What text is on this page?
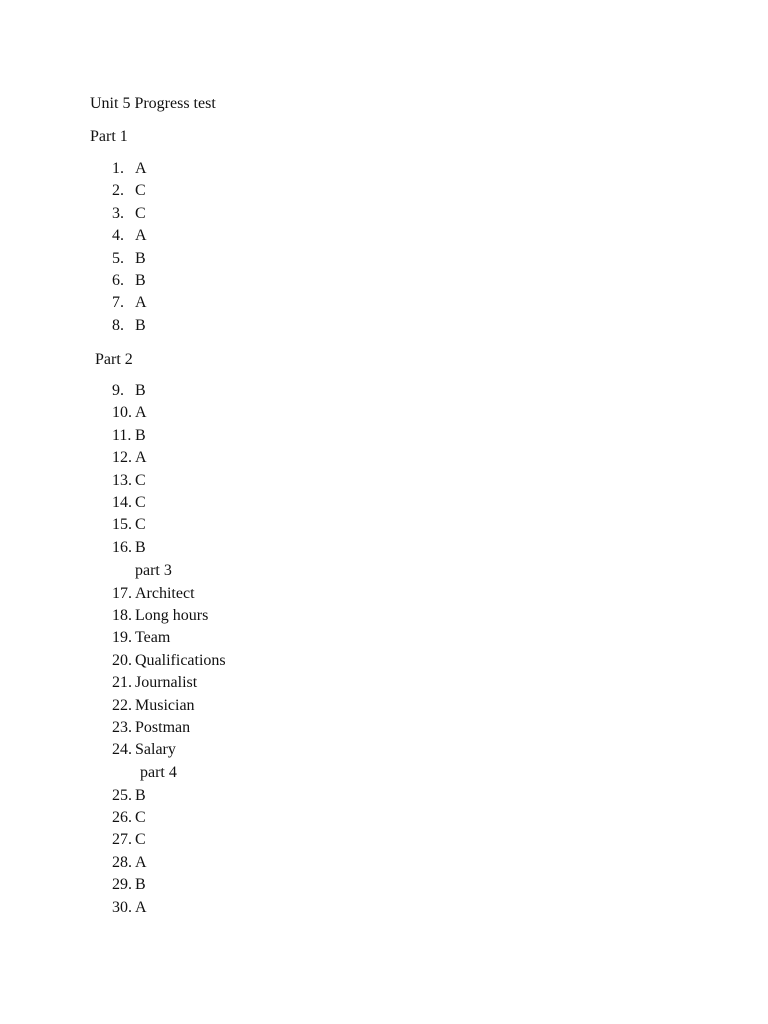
Unit 5 Progress test
Part 1
1. A
2. C
3. C
4. A
5. B
6. B
7. A
8. B
Part 2
9. B
10. A
11. B
12. A
13. C
14. C
15. C
16. B
part 3
17. Architect
18. Long hours
19. Team
20. Qualifications
21. Journalist
22. Musician
23. Postman
24. Salary
part 4
25. B
26. C
27. C
28. A
29. B
30. A
